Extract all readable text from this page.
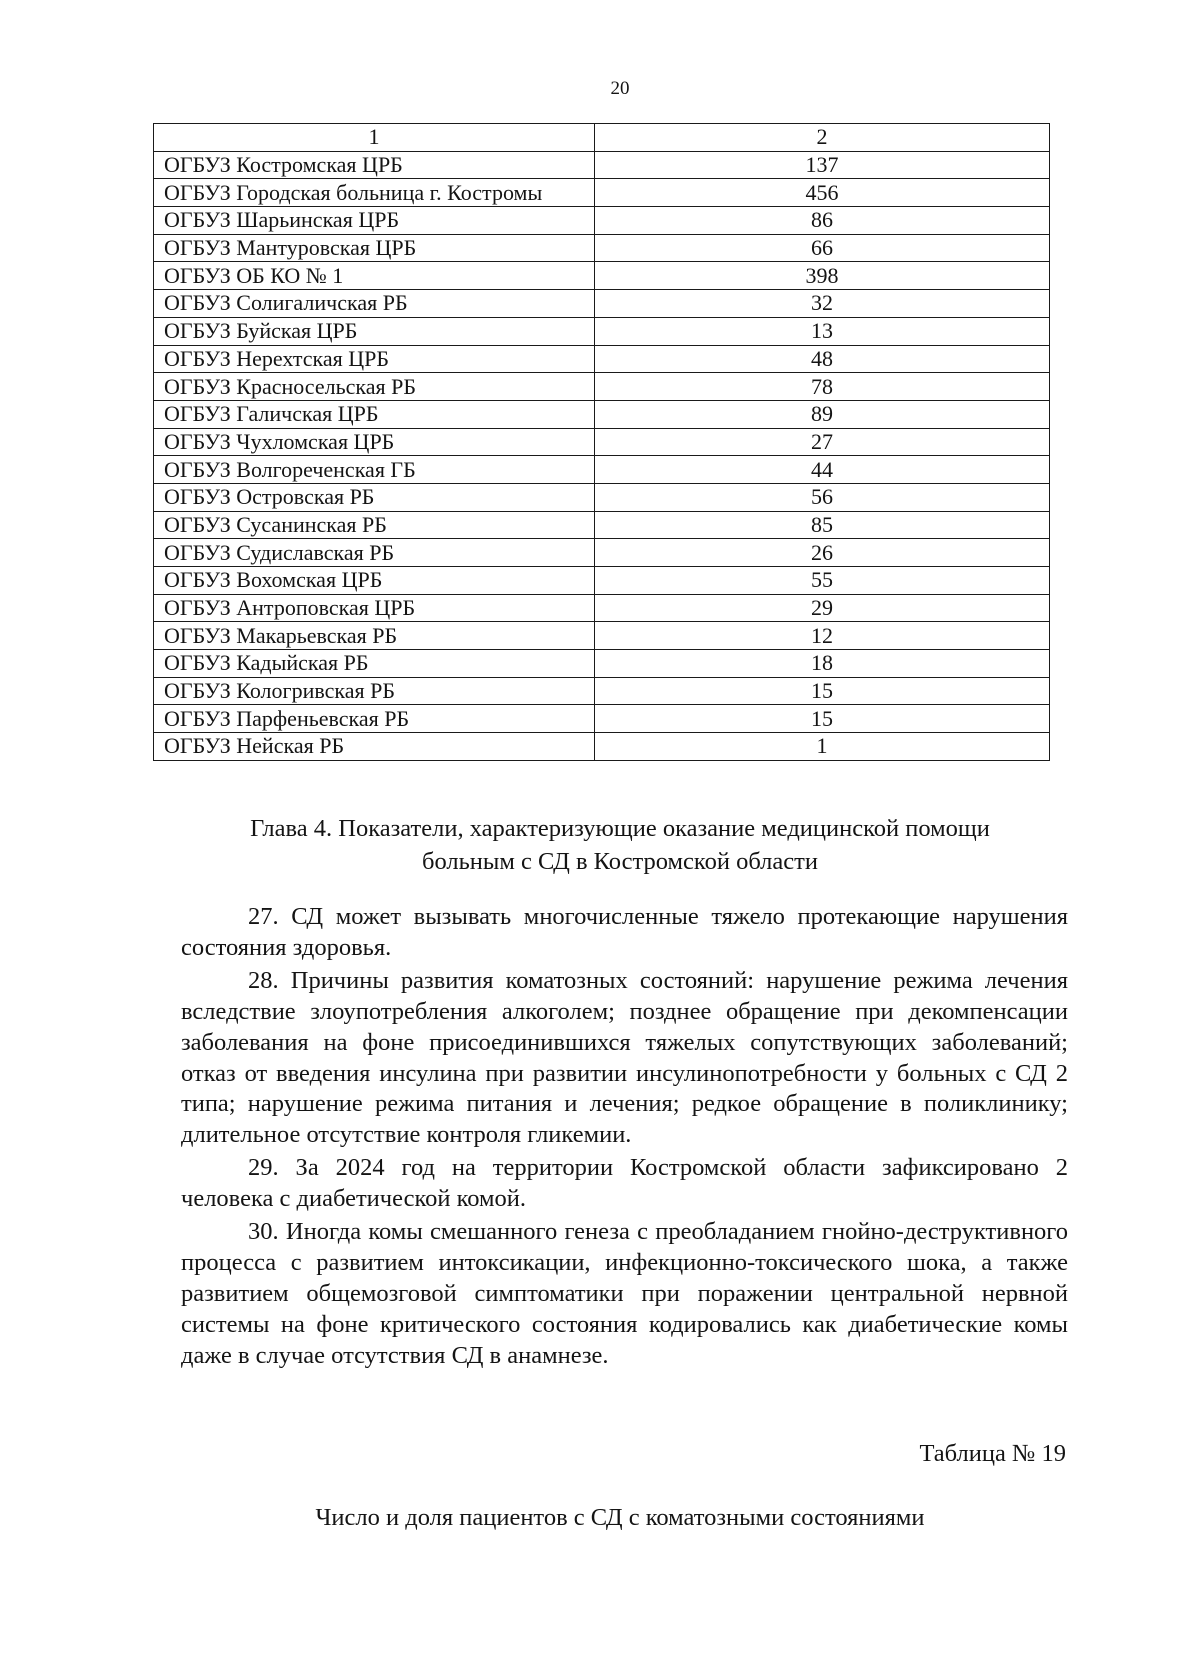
20
1	2
ОГБУЗ Костромская ЦРБ	137
ОГБУЗ Городская больница г. Костромы	456
ОГБУЗ Шарьинская ЦРБ	86
ОГБУЗ Мантуровская ЦРБ	66
ОГБУЗ ОБ КО № 1	398
ОГБУЗ Солигаличская РБ	32
ОГБУЗ Буйская ЦРБ	13
ОГБУЗ Нерехтская ЦРБ	48
ОГБУЗ Красносельская РБ	78
ОГБУЗ Галичская ЦРБ	89
ОГБУЗ Чухломская ЦРБ	27
ОГБУЗ Волгореченская ГБ	44
ОГБУЗ Островская РБ	56
ОГБУЗ Сусанинская РБ	85
ОГБУЗ Судиславская РБ	26
ОГБУЗ Вохомская ЦРБ	55
ОГБУЗ Антроповская ЦРБ	29
ОГБУЗ Макарьевская РБ	12
ОГБУЗ Кадыйская РБ	18
ОГБУЗ Кологривская РБ	15
ОГБУЗ Парфеньевская РБ	15
ОГБУЗ Нейская РБ	1
Глава 4. Показатели, характеризующие оказание медицинской помощи
больным с СД в Костромской области

27. СД может вызывать многочисленные тяжело протекающие нарушения состояния здоровья.

28. Причины развития коматозных состояний: нарушение режима лечения вследствие злоупотребления алкоголем; позднее обращение при декомпенсации заболевания на фоне присоединившихся тяжелых сопутствующих заболеваний; отказ от введения инсулина при развитии инсулинопотребности у больных с СД 2 типа; нарушение режима питания и лечения; редкое обращение в поликлинику; длительное отсутствие контроля гликемии.

29. За 2024 год на территории Костромской области зафиксировано 2 человека с диабетической комой.

30. Иногда комы смешанного генеза с преобладанием гнойно-деструктивного процесса с развитием интоксикации, инфекционно-токсического шока, а также развитием общемозговой симптоматики при поражении центральной нервной системы на фоне критического состояния кодировались как диабетические комы даже в случае отсутствия СД в анамнезе.

Таблица № 19
Число и доля пациентов с СД с коматозными состояниями
